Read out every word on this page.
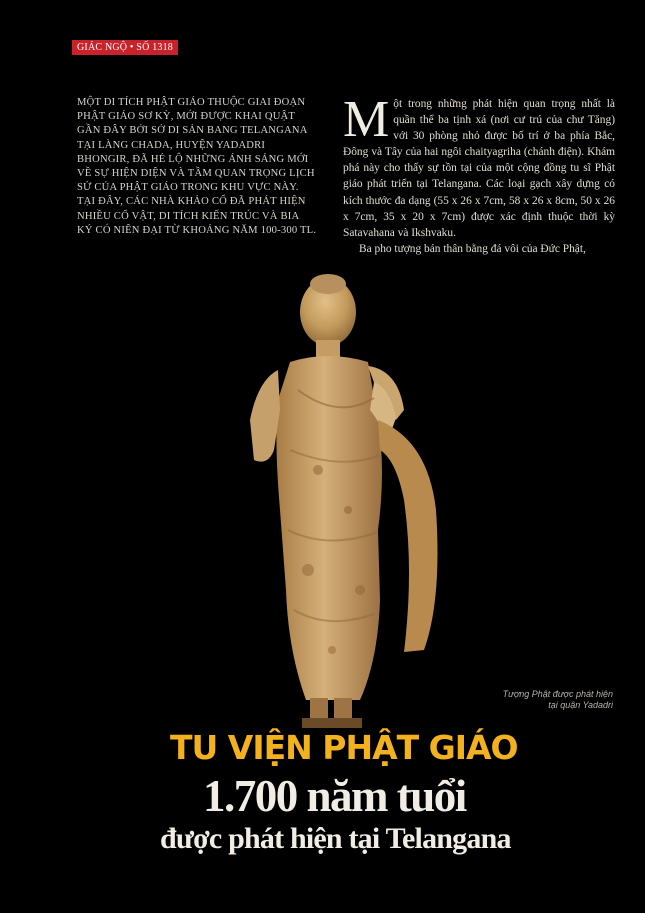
GIÁC NGỘ • SỐ 1318

MỘT DI TÍCH PHẬT GIÁO THUỘC GIAI ĐOẠN PHẬT GIÁO SƠ KỲ, MỚI ĐƯỢC KHAI QUẬT GẦN ĐÂY BỞI SỞ DI SẢN BANG TELANGANA TẠI LÀNG CHADA, HUYỆN YADADRI BHONGIR, ĐÃ HÉ LỘ NHỮNG ÁNH SÁNG MỚI VỀ SỰ HIỆN DIỆN VÀ TẦM QUAN TRỌNG LỊCH SỬ CỦA PHẬT GIÁO TRONG KHU VỰC NÀY. TẠI ĐÂY, CÁC NHÀ KHẢO CỔ ĐÃ PHÁT HIỆN NHIỀU CỔ VẬT, DI TÍCH KIẾN TRÚC VÀ BIA KÝ CÓ NIÊN ĐẠI TỪ KHOẢNG NĂM 100-300 TL.

Một trong những phát hiện quan trọng nhất là quần thể ba tịnh xá (nơi cư trú của chư Tăng) với 30 phòng nhỏ được bố trí ở ba phía Bắc, Đông và Tây của hai ngôi chaityagriha (chánh điện). Khám phá này cho thấy sự tồn tại của một cộng đồng tu sĩ Phật giáo phát triển tại Telangana. Các loại gạch xây dựng có kích thước đa dạng (55 x 26 x 7cm, 58 x 26 x 8cm, 50 x 26 x 7cm, 35 x 20 x 7cm) được xác định thuộc thời kỳ Satavahana và Ikshvaku.

Ba pho tượng bán thân bằng đá vôi của Đức Phật,

Tượng Phật được phát hiện
tại quận Yadadri
TU VIỆN PHẬT GIÁO
1.700 năm tuổi
được phát hiện tại Telangana
